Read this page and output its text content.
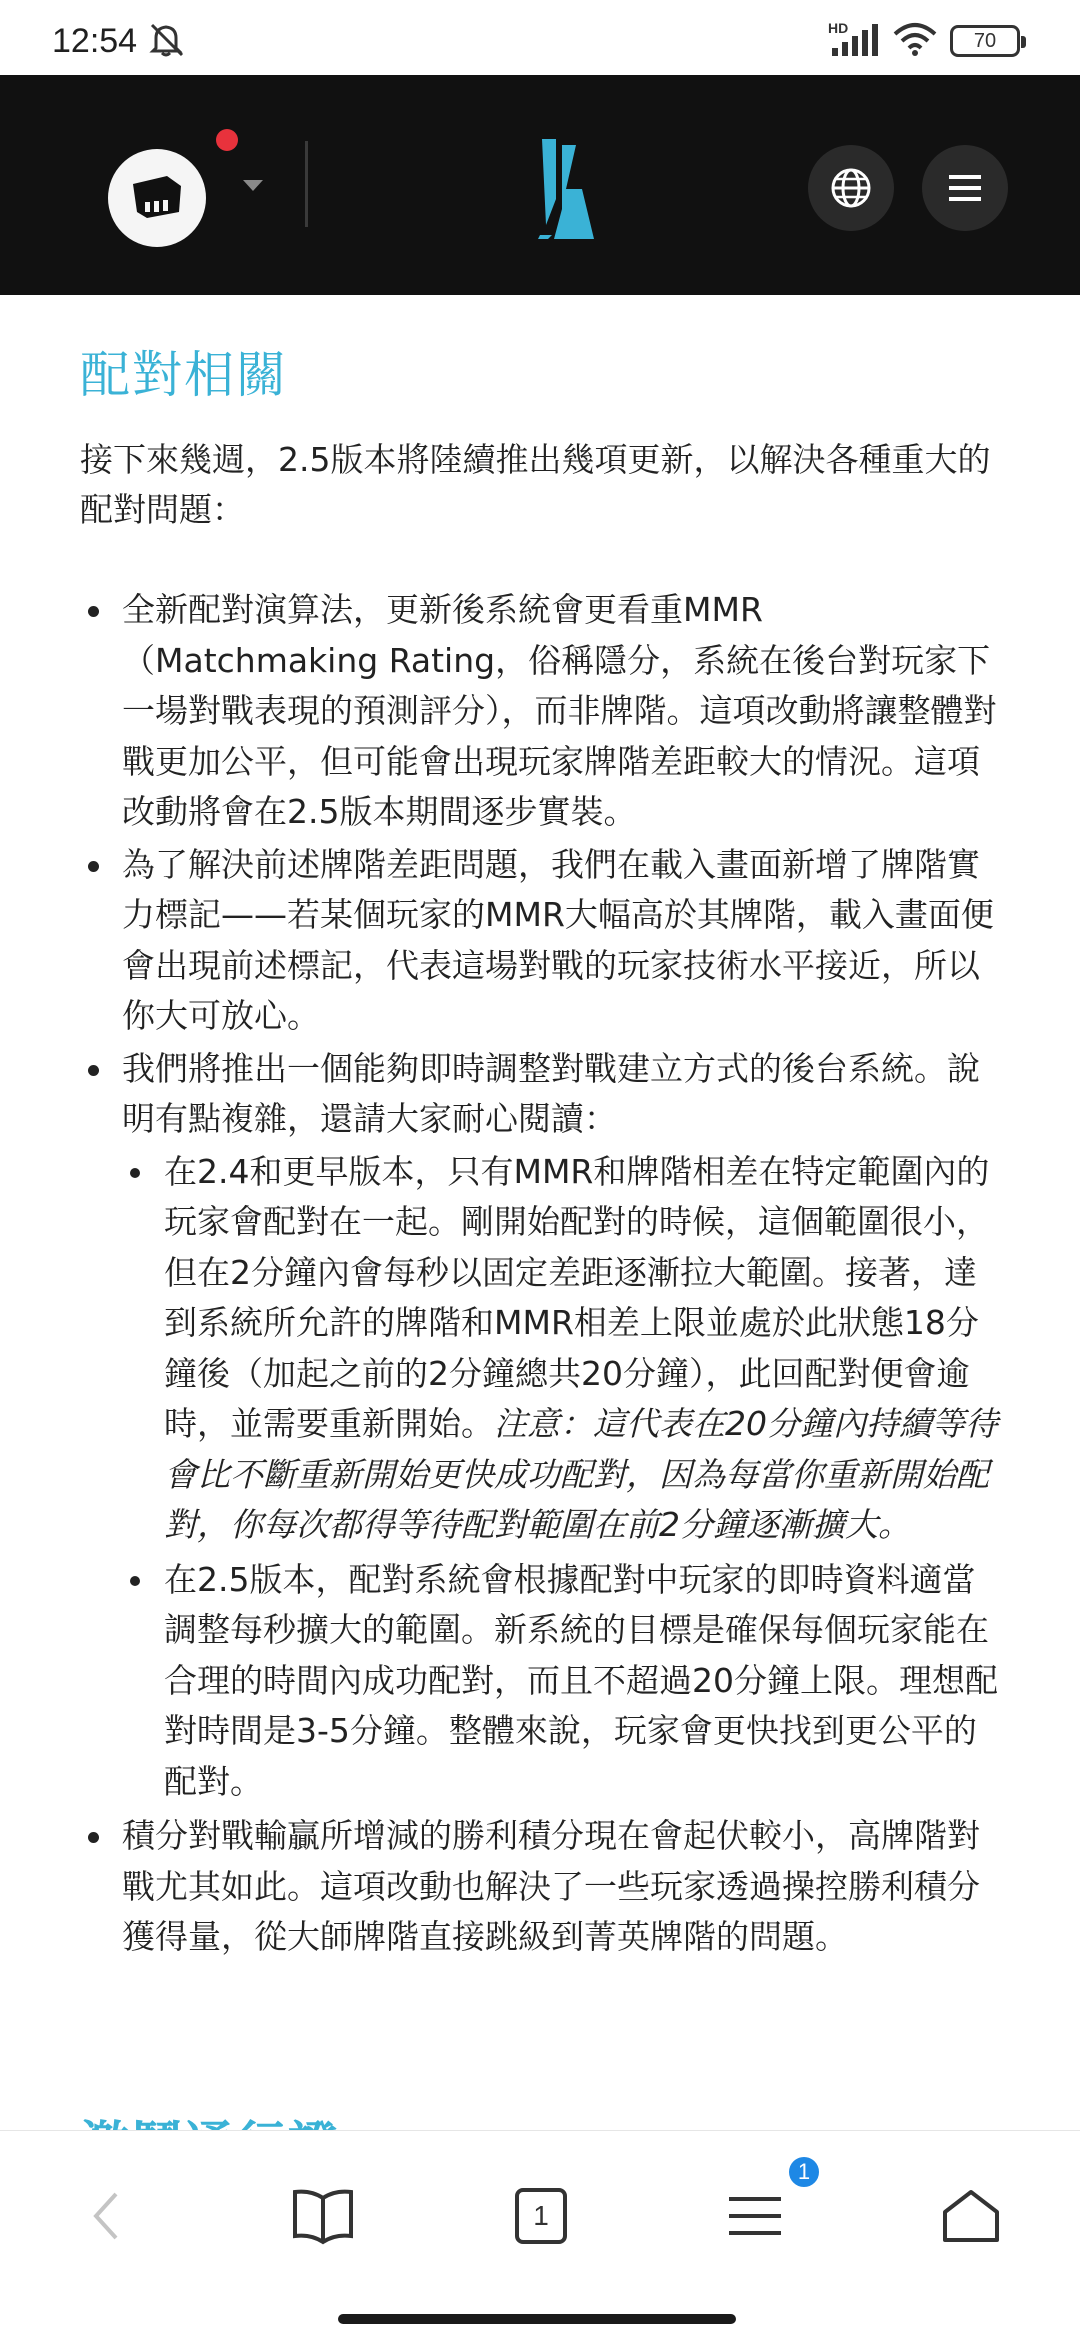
12:54	HD
70
配對相關

接下來幾週，2.5版本將陸續推出幾項更新，以解決各種重大的配對問題：

全新配對演算法，更新後系統會更看重MMR（Matchmaking Rating，俗稱隱分，系統在後台對玩家下一場對戰表現的預測評分），而非牌階。這項改動將讓整體對戰更加公平，但可能會出現玩家牌階差距較大的情況。這項改動將會在2.5版本期間逐步實裝。
為了解決前述牌階差距問題，我們在載入畫面新增了牌階實力標記——若某個玩家的MMR大幅高於其牌階，載入畫面便會出現前述標記，代表這場對戰的玩家技術水平接近，所以你大可放心。
我們將推出一個能夠即時調整對戰建立方式的後台系統。說明有點複雜，還請大家耐心閱讀：
在2.4和更早版本，只有MMR和牌階相差在特定範圍內的玩家會配對在一起。剛開始配對的時候，這個範圍很小，但在2分鐘內會每秒以固定差距逐漸拉大範圍。接著，達到系統所允許的牌階和MMR相差上限並處於此狀態18分鐘後（加起之前的2分鐘總共20分鐘），此回配對便會逾時，並需要重新開始。注意：這代表在20分鐘內持續等待會比不斷重新開始更快成功配對，因為每當你重新開始配對，你每次都得等待配對範圍在前2分鐘逐漸擴大。
在2.5版本，配對系統會根據配對中玩家的即時資料適當調整每秒擴大的範圍。新系統的目標是確保每個玩家能在合理的時間內成功配對，而且不超過20分鐘上限。理想配對時間是3-5分鐘。整體來說，玩家會更快找到更公平的配對。
積分對戰輸贏所增減的勝利積分現在會起伏較小，高牌階對戰尤其如此。這項改動也解決了一些玩家透過操控勝利積分獲得量，從大師牌階直接跳級到菁英牌階的問題。
1
1
